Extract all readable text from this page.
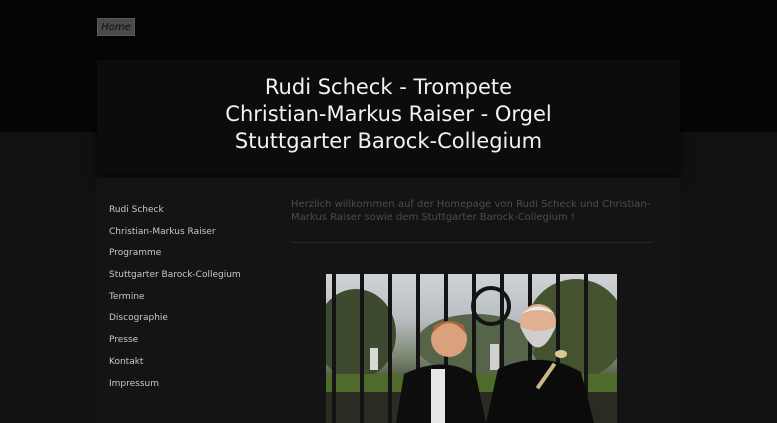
Home
Rudi Scheck - Trompete
Christian-Markus Raiser - Orgel
Stuttgarter Barock-Collegium
Rudi Scheck
Christian-Markus Raiser
Programme
Stuttgarter Barock-Collegium
Termine
Discographie
Presse
Kontakt
Impressum
Herzlich willkommen auf der Homepage von Rudi Scheck und Christian-Markus Raiser sowie dem Stuttgarter Barock-Collegium !
